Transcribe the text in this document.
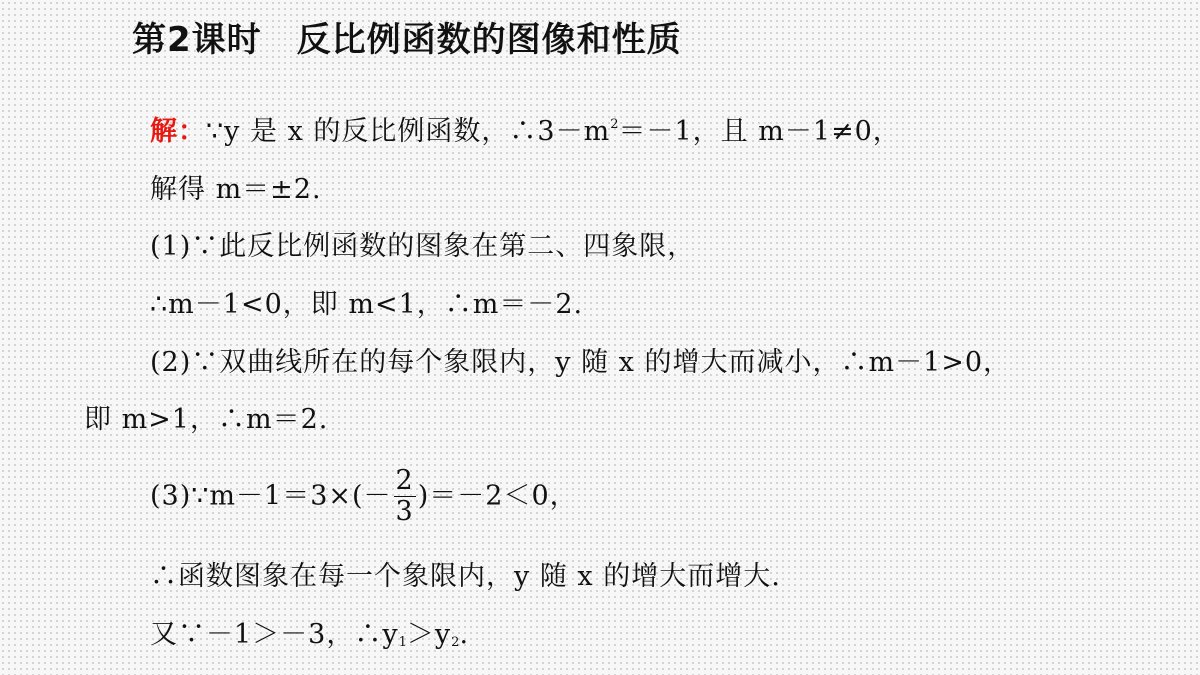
第2课时　反比例函数的图像和性质
解：∵y 是 x 的反比例函数，$\therefore 3-m^2=-1$，且 m－1≠0，
解得 m＝±2.
(1)∵此反比例函数的图象在第二、四象限，
∴m－1<0，即 m<1，∴m＝－2.
(2)∵双曲线所在的每个象限内，y 随 x 的增大而减小，∴m－1>0，
即 m>1，∴m＝2.
(3)∵m－1＝3×(－ $\frac{2}{3} )=-2<0$，
∴函数图象在每一个象限内，y 随 x 的增大而增大.
又∵－1＞－3，$\therefore y_1>y_2$.
